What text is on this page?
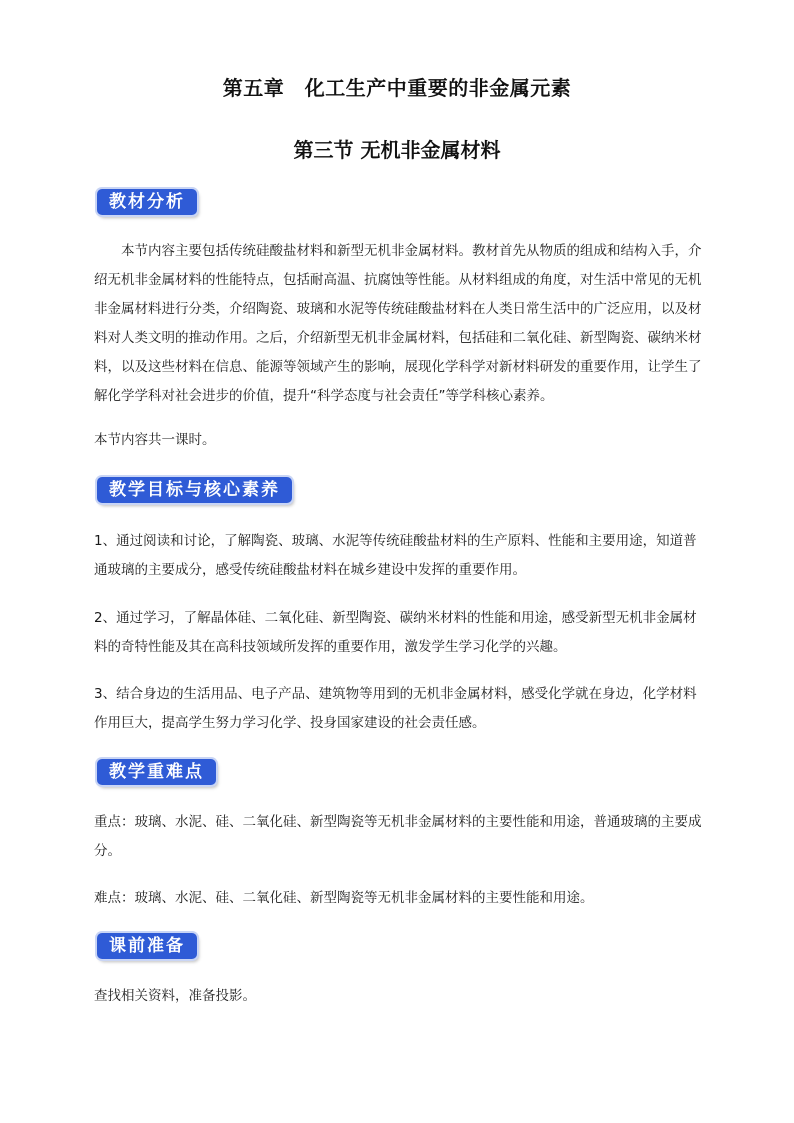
第五章　化工生产中重要的非金属元素
第三节 无机非金属材料
教材分析
本节内容主要包括传统硅酸盐材料和新型无机非金属材料。教材首先从物质的组成和结构入手，介绍无机非金属材料的性能特点，包括耐高温、抗腐蚀等性能。从材料组成的角度，对生活中常见的无机非金属材料进行分类，介绍陶瓷、玻璃和水泥等传统硅酸盐材料在人类日常生活中的广泛应用，以及材料对人类文明的推动作用。之后，介绍新型无机非金属材料，包括硅和二氧化硅、新型陶瓷、碳纳米材料，以及这些材料在信息、能源等领域产生的影响，展现化学科学对新材料研发的重要作用，让学生了解化学学科对社会进步的价值，提升“科学态度与社会责任”等学科核心素养。
本节内容共一课时。
教学目标与核心素养
1、通过阅读和讨论，了解陶瓷、玻璃、水泥等传统硅酸盐材料的生产原料、性能和主要用途，知道普通玻璃的主要成分，感受传统硅酸盐材料在城乡建设中发挥的重要作用。
2、通过学习，了解晶体硅、二氧化硅、新型陶瓷、碳纳米材料的性能和用途，感受新型无机非金属材料的奇特性能及其在高科技领域所发挥的重要作用，激发学生学习化学的兴趣。
3、结合身边的生活用品、电子产品、建筑物等用到的无机非金属材料，感受化学就在身边，化学材料作用巨大，提高学生努力学习化学、投身国家建设的社会责任感。
教学重难点
重点：玻璃、水泥、硅、二氧化硅、新型陶瓷等无机非金属材料的主要性能和用途，普通玻璃的主要成分。
难点：玻璃、水泥、硅、二氧化硅、新型陶瓷等无机非金属材料的主要性能和用途。
课前准备
查找相关资料，准备投影。
